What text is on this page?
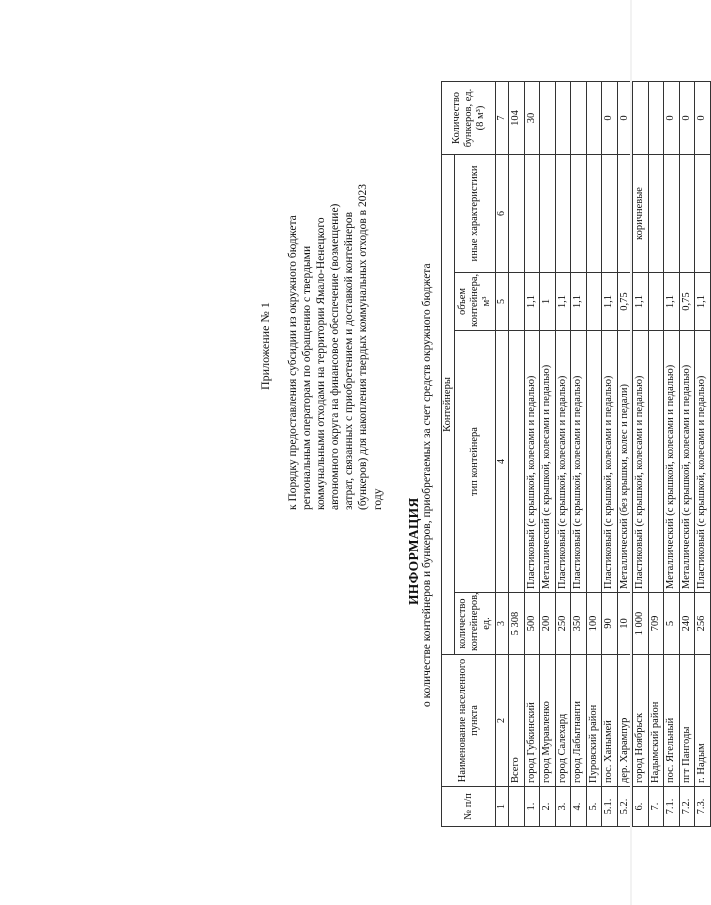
Приложение № 1 к Порядку предоставления субсидии из окружного бюджета региональным операторам по обращению с твердыми коммунальными отходами на территории Ямало-Ненецкого автономного округа на финансовое обеспечение (возмещение) затрат, связанных с приобретением и доставкой контейнеров (бункеров) для накопления твердых коммунальных отходов в 2023 году ИНФОРМАЦИЯ о количестве контейнеров и бункеров, приобретаемых за счет средств окружного бюджета
№ п/п	Наименование населенного пункта	Контейнеры				Количество бункеров, ед. (8 м³)
		количество контейнеров, ед.	тип контейнера	объем контейнера, м³	иные характеристики	
1	2	3	4	5	6	7
	Всего	5 308				104
1.	город Губкинский	500	Пластиковый (с крышкой, колесами и педалью)	1,1		30
2.	город Муравленко	200	Металлический (с крышкой, колесами и педалью)	1		
3.	город Салехард	250	Пластиковый (с крышкой, колесами и педалью)	1,1		
4.	город Лабытнанги	350	Пластиковый (с крышкой, колесами и педалью)	1,1		
5.	Пуровский район	100				
5.1.	пос. Ханымей	90	Пластиковый (с крышкой, колесами и педалью)	1,1		0
5.2.	дер. Харампур	10	Металлический (без крышки, колес и педали)	0,75		0
6.	город Ноябрьск	1 000	Пластиковый (с крышкой, колесами и педалью)	1,1	коричневые	
7.	Надымский район	709				
7.1.	пос. Ягельный	5	Металлический (с крышкой, колесами и педалью)	1,1		0
7.2.	пгт Пангоды	240	Металлический (с крышкой, колесами и педалью)	0,75		0
7.3.	г. Надым	256	Пластиковый (с крышкой, колесами и педалью)	1,1		0
